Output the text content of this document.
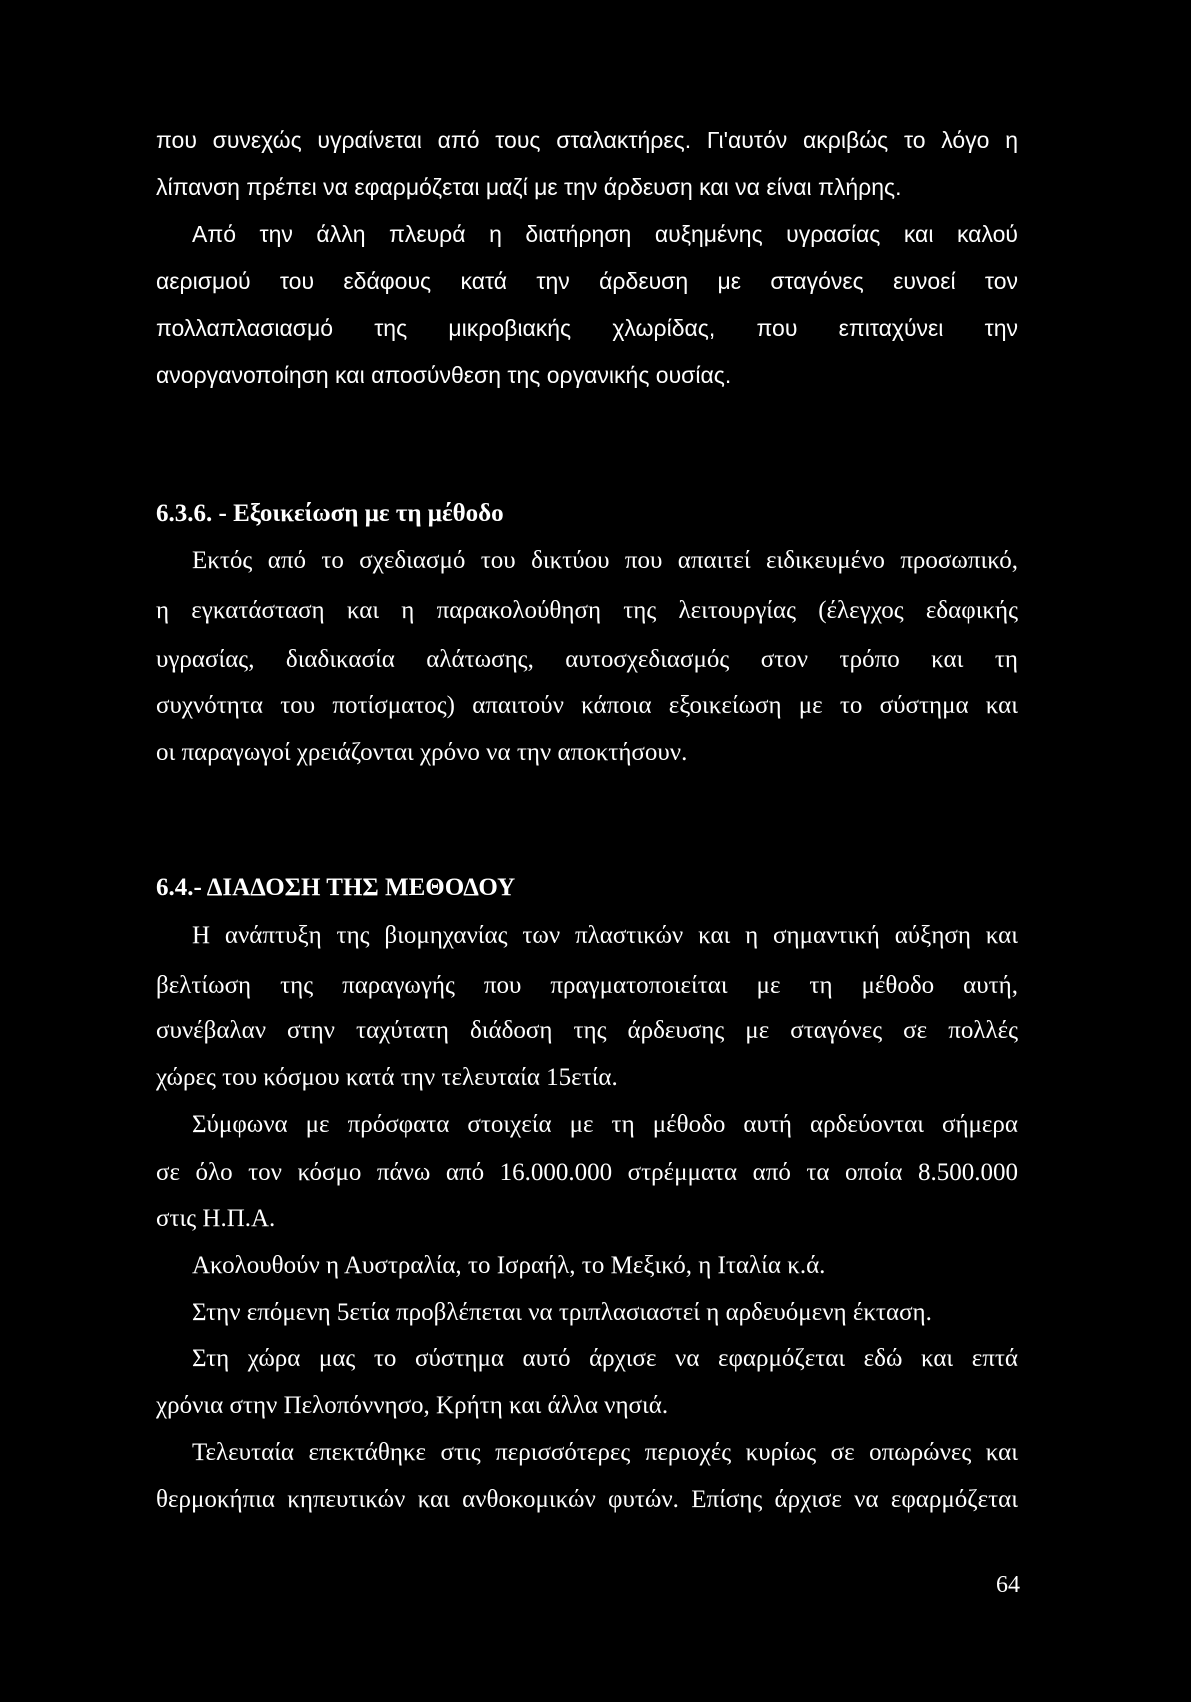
που συνεχώς υγραίνεται από τους σταλακτήρες. Γι'αυτόν ακριβώς το λόγο η
λίπανση πρέπει να εφαρμόζεται μαζί με την άρδευση και να είναι πλήρης.
Από την άλλη πλευρά η διατήρηση αυξημένης υγρασίας και καλού
αερισμού του εδάφους κατά την άρδευση με σταγόνες ευνοεί τον
πολλαπλασιασμό της μικροβιακής χλωρίδας, που επιταχύνει την
ανοργανοποίηση και αποσύνθεση της οργανικής ουσίας.
6.3.6. - Εξοικείωση με τη μέθοδο
Εκτός από το σχεδιασμό του δικτύου που απαιτεί ειδικευμένο προσωπικό,
η εγκατάσταση και η παρακολούθηση της λειτουργίας (έλεγχος εδαφικής
υγρασίας, διαδικασία αλάτωσης, αυτοσχεδιασμός στον τρόπο και τη
συχνότητα του ποτίσματος) απαιτούν κάποια εξοικείωση με το σύστημα και
οι παραγωγοί χρειάζονται χρόνο να την αποκτήσουν.
6.4.- ΔΙΑΔΟΣΗ ΤΗΣ ΜΕΘΟΔΟΥ
Η ανάπτυξη της βιομηχανίας των πλαστικών και η σημαντική αύξηση και
βελτίωση της παραγωγής που πραγματοποιείται με τη μέθοδο αυτή,
συνέβαλαν στην ταχύτατη διάδοση της άρδευσης με σταγόνες σε πολλές
χώρες του κόσμου κατά την τελευταία 15ετία.
Σύμφωνα με πρόσφατα στοιχεία με τη μέθοδο αυτή αρδεύονται σήμερα
σε όλο τον κόσμο πάνω από 16.000.000 στρέμματα από τα οποία 8.500.000
στις Η.Π.Α.
Ακολουθούν η Αυστραλία, το Ισραήλ, το Μεξικό, η Ιταλία κ.ά.
Στην επόμενη 5ετία προβλέπεται να τριπλασιαστεί η αρδευόμενη έκταση.
Στη χώρα μας το σύστημα αυτό άρχισε να εφαρμόζεται εδώ και επτά
χρόνια στην Πελοπόννησο, Κρήτη και άλλα νησιά.
Τελευταία επεκτάθηκε στις περισσότερες περιοχές κυρίως σε οπωρώνες και
θερμοκήπια κηπευτικών και ανθοκομικών φυτών. Επίσης άρχισε να εφαρμόζεται
64
